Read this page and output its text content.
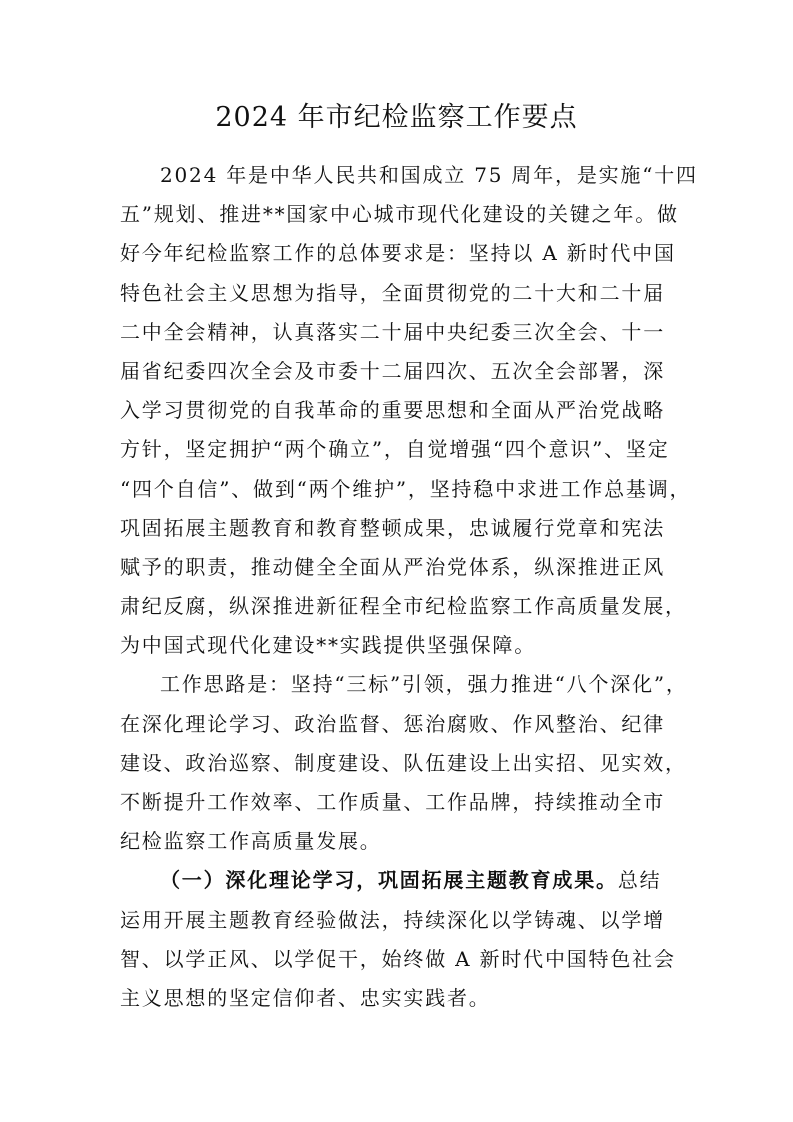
2024 年市纪检监察工作要点
2024 年是中华人民共和国成立 75 周年，是实施“十四
五”规划、推进**国家中心城市现代化建设的关键之年。做
好今年纪检监察工作的总体要求是：坚持以 A 新时代中国
特色社会主义思想为指导，全面贯彻党的二十大和二十届
二中全会精神，认真落实二十届中央纪委三次全会、十一
届省纪委四次全会及市委十二届四次、五次全会部署，深
入学习贯彻党的自我革命的重要思想和全面从严治党战略
方针，坚定拥护“两个确立”，自觉增强“四个意识”、坚定
“四个自信”、做到“两个维护”，坚持稳中求进工作总基调，
巩固拓展主题教育和教育整顿成果，忠诚履行党章和宪法
赋予的职责，推动健全全面从严治党体系，纵深推进正风
肃纪反腐，纵深推进新征程全市纪检监察工作高质量发展，
为中国式现代化建设**实践提供坚强保障。
工作思路是：坚持“三标”引领，强力推进“八个深化”，
在深化理论学习、政治监督、惩治腐败、作风整治、纪律
建设、政治巡察、制度建设、队伍建设上出实招、见实效，
不断提升工作效率、工作质量、工作品牌，持续推动全市
纪检监察工作高质量发展。
（一）深化理论学习，巩固拓展主题教育成果。总结
运用开展主题教育经验做法，持续深化以学铸魂、以学增
智、以学正风、以学促干，始终做 A 新时代中国特色社会
主义思想的坚定信仰者、忠实实践者。
